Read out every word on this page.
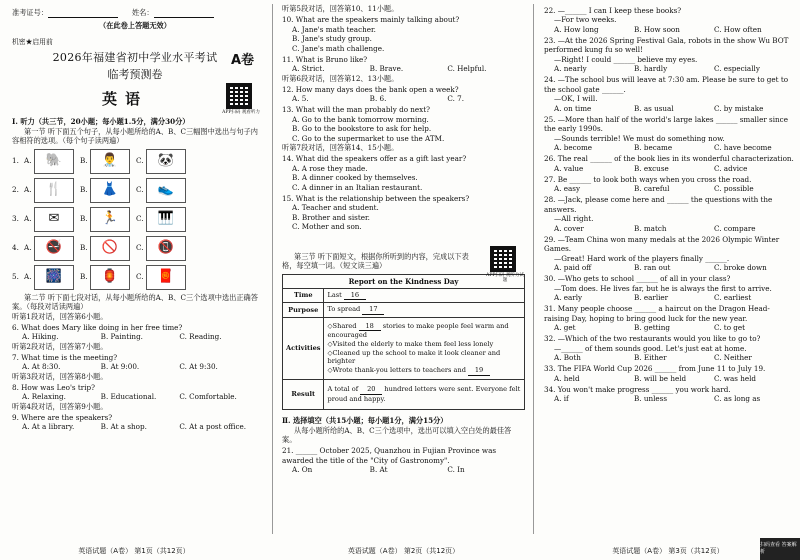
准考证号：	姓名：

（在此卷上答题无效）

机密★启用前

A卷

2026年福建省初中学业水平考试

临考预测卷

英语

APP扫码 观看听力

Ⅰ. 听力（共三节，20小题；每小题1.5分，满分30分）

第一节 听下面五个句子，从每小题所给的A、B、C三幅图中选出与句子内容相符的选项。（每个句子读两遍）

1. A.	🐘	B.	👨‍⚕	C.	🐼
2. A.	🍴	B.	👗	C.	👟
3. A.	✉	B.	🏃	C.	🎹
4. A.	🚭	B.	🚫	C.	📵
5. A.	🎆	B.	🏮	C.	🧧

第二节 听下面七段对话，从每小题所给的A、B、C三个选项中选出正确答案。（每段对话读两遍）

听第1段对话，回答第6小题。

6. What does Mary like doing in her free time?

A. Hiking.	B. Painting.	C. Reading.

听第2段对话，回答第7小题。

7. What time is the meeting?

A. At 8:30.	B. At 9:00.	C. At 9:30.

听第3段对话，回答第8小题。

8. How was Leo's trip?

A. Relaxing.	B. Educational.	C. Comfortable.

听第4段对话，回答第9小题。

9. Where are the speakers?

A. At a library.	B. At a shop.	C. At a post office.
英语试题（A卷） 第1页（共12页）

听第5段对话，回答第10、11小题。

10. What are the speakers mainly talking about?

A. Jane's math teacher.

B. Jane's study group.

C. Jane's math challenge.

11. What is Bruno like?

A. Strict.	B. Brave.	C. Helpful.

听第6段对话，回答第12、13小题。

12. How many days does the bank open a week?

A. 5.	B. 6.	C. 7.

13. What will the man probably do next?

A. Go to the bank tomorrow morning.

B. Go to the bookstore to ask for help.

C. Go to the supermarket to use the ATM.

听第7段对话，回答第14、15小题。

14. What did the speakers offer as a gift last year?

A. A rose they made.

B. A dinner cooked by themselves.

C. A dinner in an Italian restaurant.

15. What is the relationship between the speakers?

A. Teacher and student.

B. Brother and sister.

C. Mother and son.

APP扫码 观听力试题

第三节 听下面短文，根据你所听到的内容，完成以下表格，每空填一词。（短文读三遍）

Report on the Kindness Day	
Time	Last 16
Purpose	To spread 17
Activities	◇Shared 18 stories to make people feel warm and encouraged

◇Visited the elderly to make them feel less lonely

◇Cleaned up the school to make it look cleaner and brighter

◇Wrote thank-you letters to teachers and 19

Result	A total of 20 hundred letters were sent. Everyone felt proud and happy.

Ⅱ. 选择填空（共15小题；每小题1分，满分15分）

从每小题所给的A、B、C三个选项中，选出可以填入空白处的最佳答案。

21. ______ October 2025, Quanzhou in Fujian Province was awarded the title of the "City of Gastronomy".

A. On	B. At	C. In
英语试题（A卷） 第2页（共12页）

22. —______ I can I keep these books?

—For two weeks.

A. How long	B. How soon	C. How often

23. —At the 2026 Spring Festival Gala, robots in the show Wu BOT performed kung fu so well!

—Right! I could ______ believe my eyes.

A. nearly	B. hardly	C. especially

24. —The school bus will leave at 7:30 am. Please be sure to get to the school gate ______.

—OK, I will.

A. on time	B. as usual	C. by mistake

25. —More than half of the world's large lakes ______ smaller since the early 1990s.

—Sounds terrible! We must do something now.

A. become	B. became	C. have become

26. The real ______ of the book lies in its wonderful characterization.

A. value	B. excuse	C. advice

27. Be ______ to look both ways when you cross the road.

A. easy	B. careful	C. possible

28. —Jack, please come here and ______ the questions with the answers.

—All right.

A. cover	B. match	C. compare

29. —Team China won many medals at the 2026 Olympic Winter Games.

—Great! Hard work of the players finally ______.

A. paid off	B. ran out	C. broke down

30. —Who gets to school ______ of all in your class?

—Tom does. He lives far, but he is always the first to arrive.

A. early	B. earlier	C. earliest

31. Many people choose ______ a haircut on the Dragon Head-raising Day, hoping to bring good luck for the new year.

A. get	B. getting	C. to get

32. —Which of the two restaurants would you like to go to?

—______ of them sounds good. Let's just eat at home.

A. Both	B. Either	C. Neither

33. The FIFA World Cup 2026 ______ from June 11 to July 19.

A. held	B. will be held	C. was held

34. You won't make progress ______ you work hard.

A. if	B. unless	C. as long as
英语试题（A卷） 第3页（共12页）
扫码查看 答案解析
